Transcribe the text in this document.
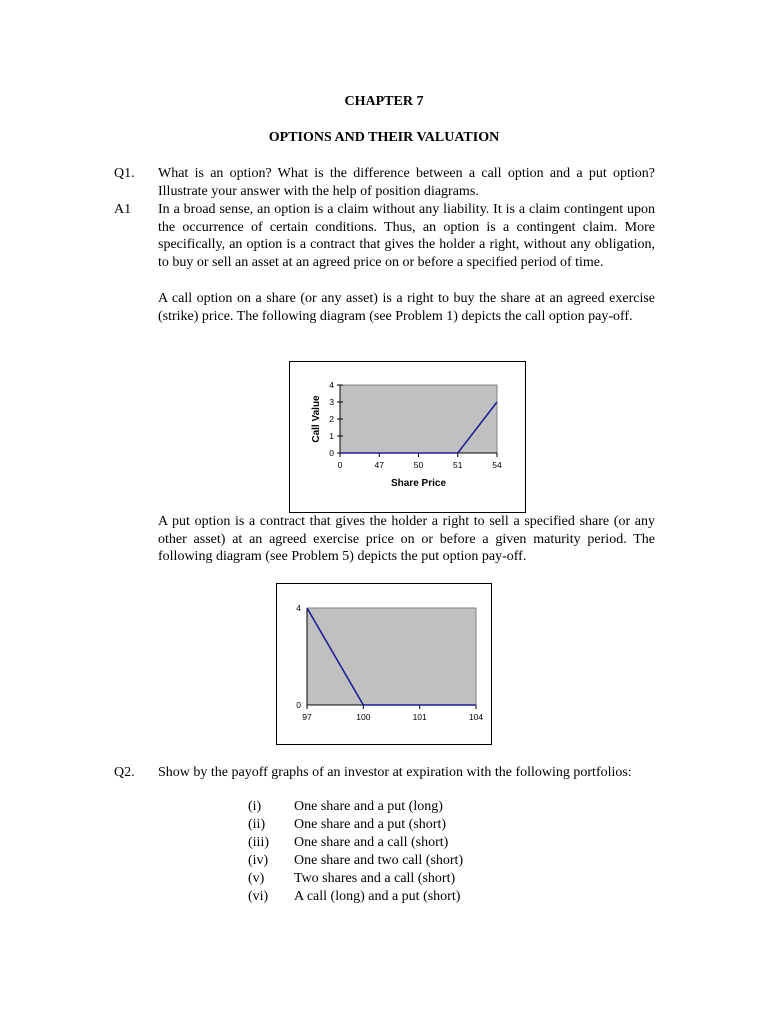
CHAPTER 7
OPTIONS AND THEIR VALUATION
Q1. What is an option? What is the difference between a call option and a put option? Illustrate your answer with the help of position diagrams.
A1 In a broad sense, an option is a claim without any liability. It is a claim contingent upon the occurrence of certain conditions. Thus, an option is a contingent claim. More specifically, an option is a contract that gives the holder a right, without any obligation, to buy or sell an asset at an agreed price on or before a specified period of time.
A call option on a share (or any asset) is a right to buy the share at an agreed exercise (strike) price. The following diagram (see Problem 1) depicts the call option pay-off.
0
1
2
3
4
0	47	50	51	54
Share Price
Call Value
A put option is a contract that gives the holder a right to sell a specified share (or any other asset) at an agreed exercise price on or before a given maturity period. The following diagram (see Problem 5) depicts the put option pay-off.
0
4
97	100	101	104
Q2. Show by the payoff graphs of an investor at expiration with the following portfolios:
(i)	One share and a put (long)
(ii)	One share and a put (short)
(iii)	One share and a call (short)
(iv)	One share and two call (short)
(v)	Two shares and a call (short)
(vi)	A call (long) and a put (short)
